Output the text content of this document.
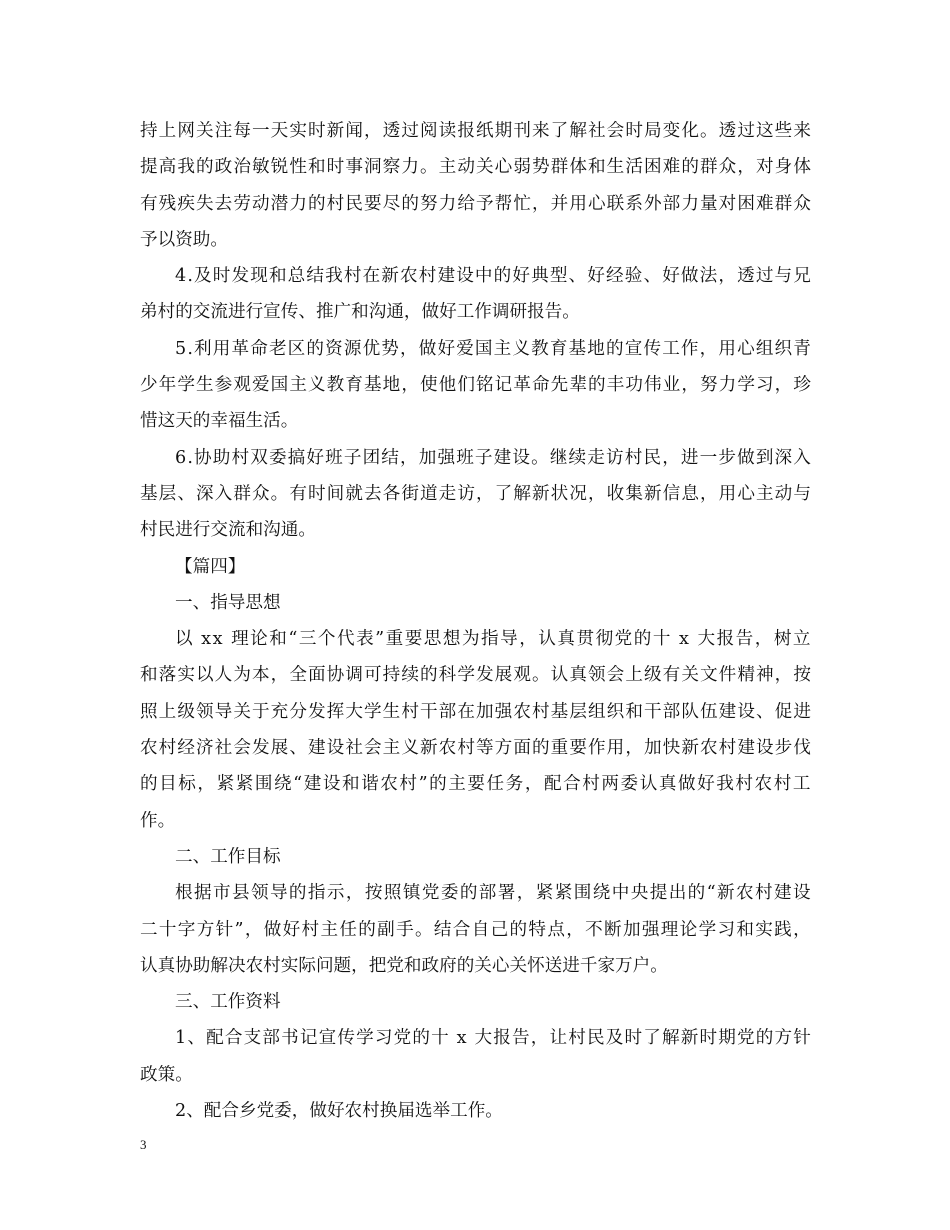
持上网关注每一天实时新闻，透过阅读报纸期刊来了解社会时局变化。透过这些来
提高我的政治敏锐性和时事洞察力。主动关心弱势群体和生活困难的群众，对身体
有残疾失去劳动潜力的村民要尽的努力给予帮忙，并用心联系外部力量对困难群众
予以资助。
4.及时发现和总结我村在新农村建设中的好典型、好经验、好做法，透过与兄
弟村的交流进行宣传、推广和沟通，做好工作调研报告。
5.利用革命老区的资源优势，做好爱国主义教育基地的宣传工作，用心组织青
少年学生参观爱国主义教育基地，使他们铭记革命先辈的丰功伟业，努力学习，珍
惜这天的幸福生活。
6.协助村双委搞好班子团结，加强班子建设。继续走访村民，进一步做到深入
基层、深入群众。有时间就去各街道走访，了解新状况，收集新信息，用心主动与
村民进行交流和沟通。
【篇四】
一、指导思想
以 xx 理论和“三个代表”重要思想为指导，认真贯彻党的十 x 大报告，树立
和落实以人为本，全面协调可持续的科学发展观。认真领会上级有关文件精神，按
照上级领导关于充分发挥大学生村干部在加强农村基层组织和干部队伍建设、促进
农村经济社会发展、建设社会主义新农村等方面的重要作用，加快新农村建设步伐
的目标，紧紧围绕“建设和谐农村”的主要任务，配合村两委认真做好我村农村工
作。
二、工作目标
根据市县领导的指示，按照镇党委的部署，紧紧围绕中央提出的“新农村建设
二十字方针”，做好村主任的副手。结合自己的特点，不断加强理论学习和实践，
认真协助解决农村实际问题，把党和政府的关心关怀送进千家万户。
三、工作资料
1、配合支部书记宣传学习党的十 x 大报告，让村民及时了解新时期党的方针
政策。
2、配合乡党委，做好农村换届选举工作。
3
